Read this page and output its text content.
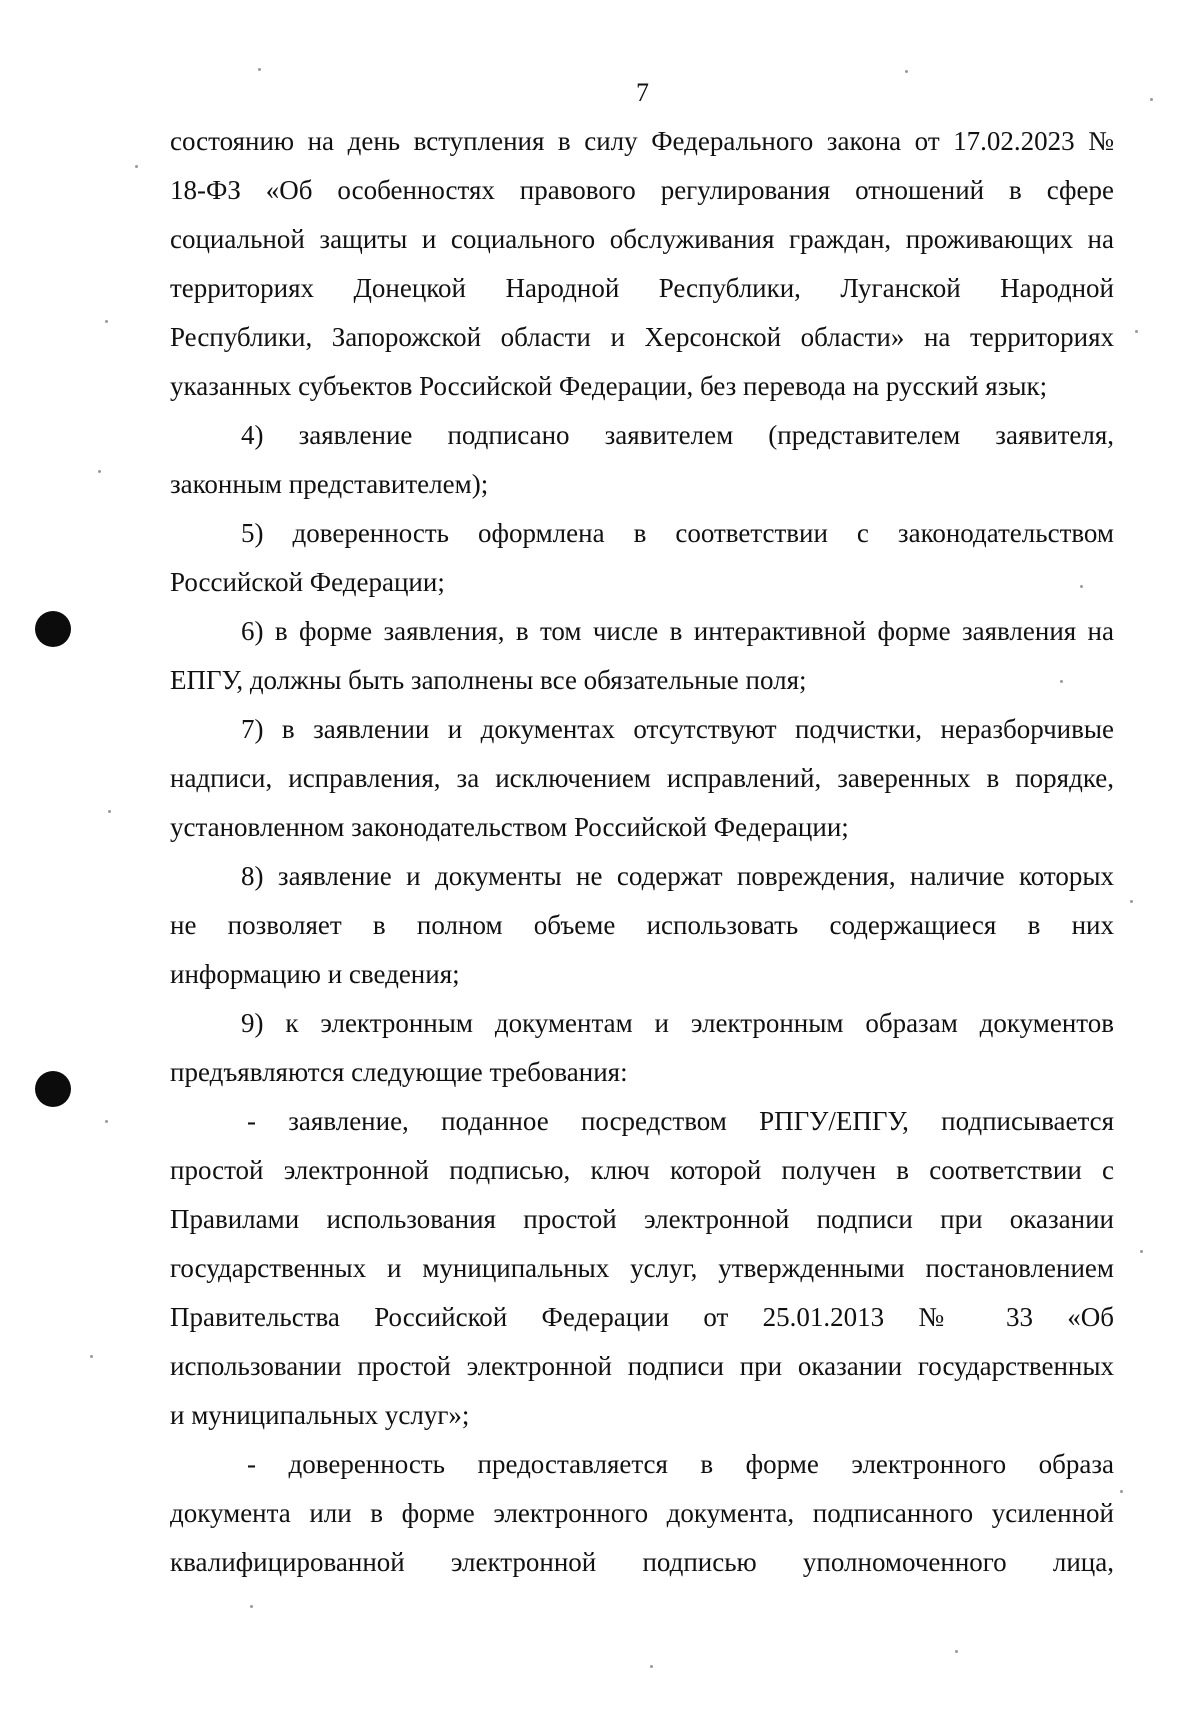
7
состоянию на день вступления в силу Федерального закона от 17.02.2023 №
18-ФЗ «Об особенностях правового регулирования отношений в сфере
социальной защиты и социального обслуживания граждан, проживающих на
территориях Донецкой Народной Республики, Луганской Народной
Республики, Запорожской области и Херсонской области» на территориях
указанных субъектов Российской Федерации, без перевода на русский язык;
4) заявление подписано заявителем (представителем заявителя,
законным представителем);
5) доверенность оформлена в соответствии с законодательством
Российской Федерации;
6) в форме заявления, в том числе в интерактивной форме заявления на
ЕПГУ, должны быть заполнены все обязательные поля;
7) в заявлении и документах отсутствуют подчистки, неразборчивые
надписи, исправления, за исключением исправлений, заверенных в порядке,
установленном законодательством Российской Федерации;
8) заявление и документы не содержат повреждения, наличие которых
не позволяет в полном объеме использовать содержащиеся в них
информацию и сведения;
9) к электронным документам и электронным образам документов
предъявляются следующие требования:
- заявление, поданное посредством РПГУ/ЕПГУ, подписывается
простой электронной подписью, ключ которой получен в соответствии с
Правилами использования простой электронной подписи при оказании
государственных и муниципальных услуг, утвержденными постановлением
Правительства Российской Федерации от 25.01.2013 № 33 «Об
использовании простой электронной подписи при оказании государственных
и муниципальных услуг»;
- доверенность предоставляется в форме электронного образа
документа или в форме электронного документа, подписанного усиленной
квалифицированной электронной подписью уполномоченного лица,
